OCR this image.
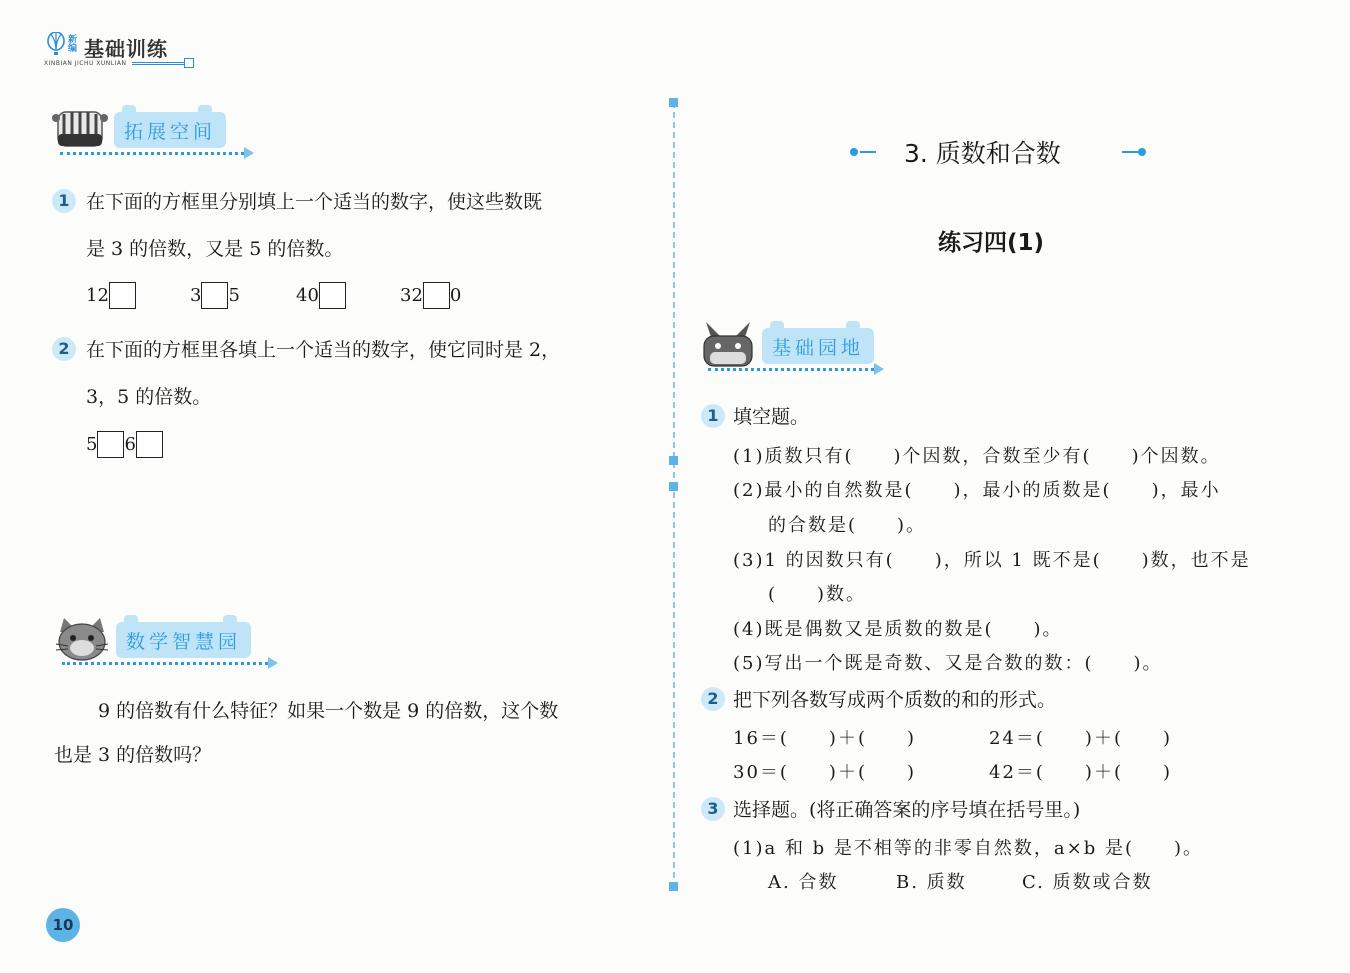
新编 基础训练
XINBIAN JICHU XUNLIAN
拓展空间
1 在下面的方框里分别填上一个适当的数字，使这些数既
是 3 的倍数，又是 5 的倍数。
12	3 5	40	32 0
2 在下面的方框里各填上一个适当的数字，使它同时是 2，
3，5 的倍数。
5 6
数学智慧园
9 的倍数有什么特征？如果一个数是 9 的倍数，这个数
也是 3 的倍数吗？
3. 质数和合数
练习四(1)
基础园地
1 填空题。
(1)质数只有(　　)个因数，合数至少有(　　)个因数。
(2)最小的自然数是(　　)，最小的质数是(　　)，最小
的合数是(　　)。
(3)1 的因数只有(　　)，所以 1 既不是(　　)数，也不是
(　　)数。
(4)既是偶数又是质数的数是(　　)。
(5)写出一个既是奇数、又是合数的数：(　　)。
2 把下列各数写成两个质数的和的形式。
16＝(　　)＋(　　)	24＝(　　)＋(　　)
30＝(　　)＋(　　)	42＝(　　)＋(　　)
3 选择题。(将正确答案的序号填在括号里。)
(1)a 和 b 是不相等的非零自然数，a×b 是(　　)。
A. 合数	B. 质数	C. 质数或合数
10
